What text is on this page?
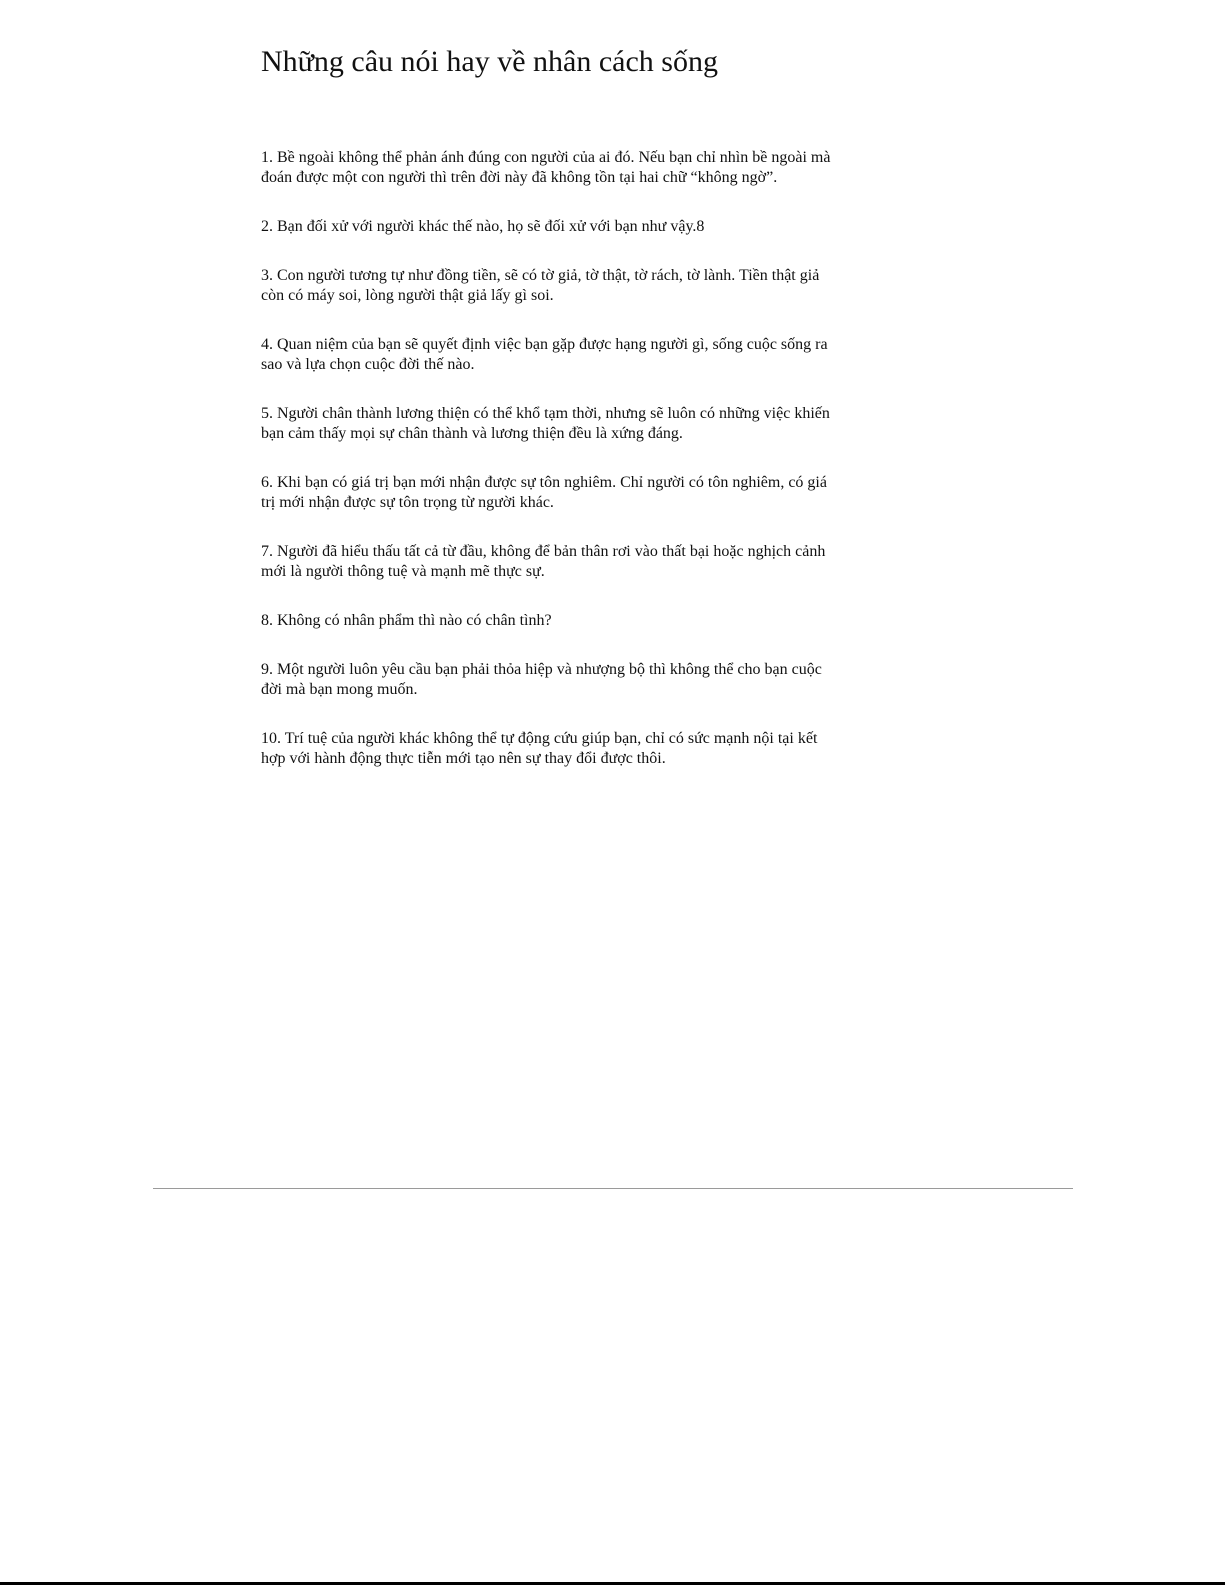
Những câu nói hay về nhân cách sống
1. Bề ngoài không thể phản ánh đúng con người của ai đó. Nếu bạn chỉ nhìn bề ngoài mà đoán được một con người thì trên đời này đã không tồn tại hai chữ “không ngờ”.
2. Bạn đối xử với người khác thế nào, họ sẽ đối xử với bạn như vậy.8
3. Con người tương tự như đồng tiền, sẽ có tờ giả, tờ thật, tờ rách, tờ lành. Tiền thật giả còn có máy soi, lòng người thật giả lấy gì soi.
4. Quan niệm của bạn sẽ quyết định việc bạn gặp được hạng người gì, sống cuộc sống ra sao và lựa chọn cuộc đời thế nào.
5. Người chân thành lương thiện có thể khổ tạm thời, nhưng sẽ luôn có những việc khiến bạn cảm thấy mọi sự chân thành và lương thiện đều là xứng đáng.
6. Khi bạn có giá trị bạn mới nhận được sự tôn nghiêm. Chỉ người có tôn nghiêm, có giá trị mới nhận được sự tôn trọng từ người khác.
7. Người đã hiểu thấu tất cả từ đầu, không để bản thân rơi vào thất bại hoặc nghịch cảnh mới là người thông tuệ và mạnh mẽ thực sự.
8. Không có nhân phẩm thì nào có chân tình?
9. Một người luôn yêu cầu bạn phải thỏa hiệp và nhượng bộ thì không thể cho bạn cuộc đời mà bạn mong muốn.
10. Trí tuệ của người khác không thể tự động cứu giúp bạn, chỉ có sức mạnh nội tại kết hợp với hành động thực tiễn mới tạo nên sự thay đổi được thôi.
